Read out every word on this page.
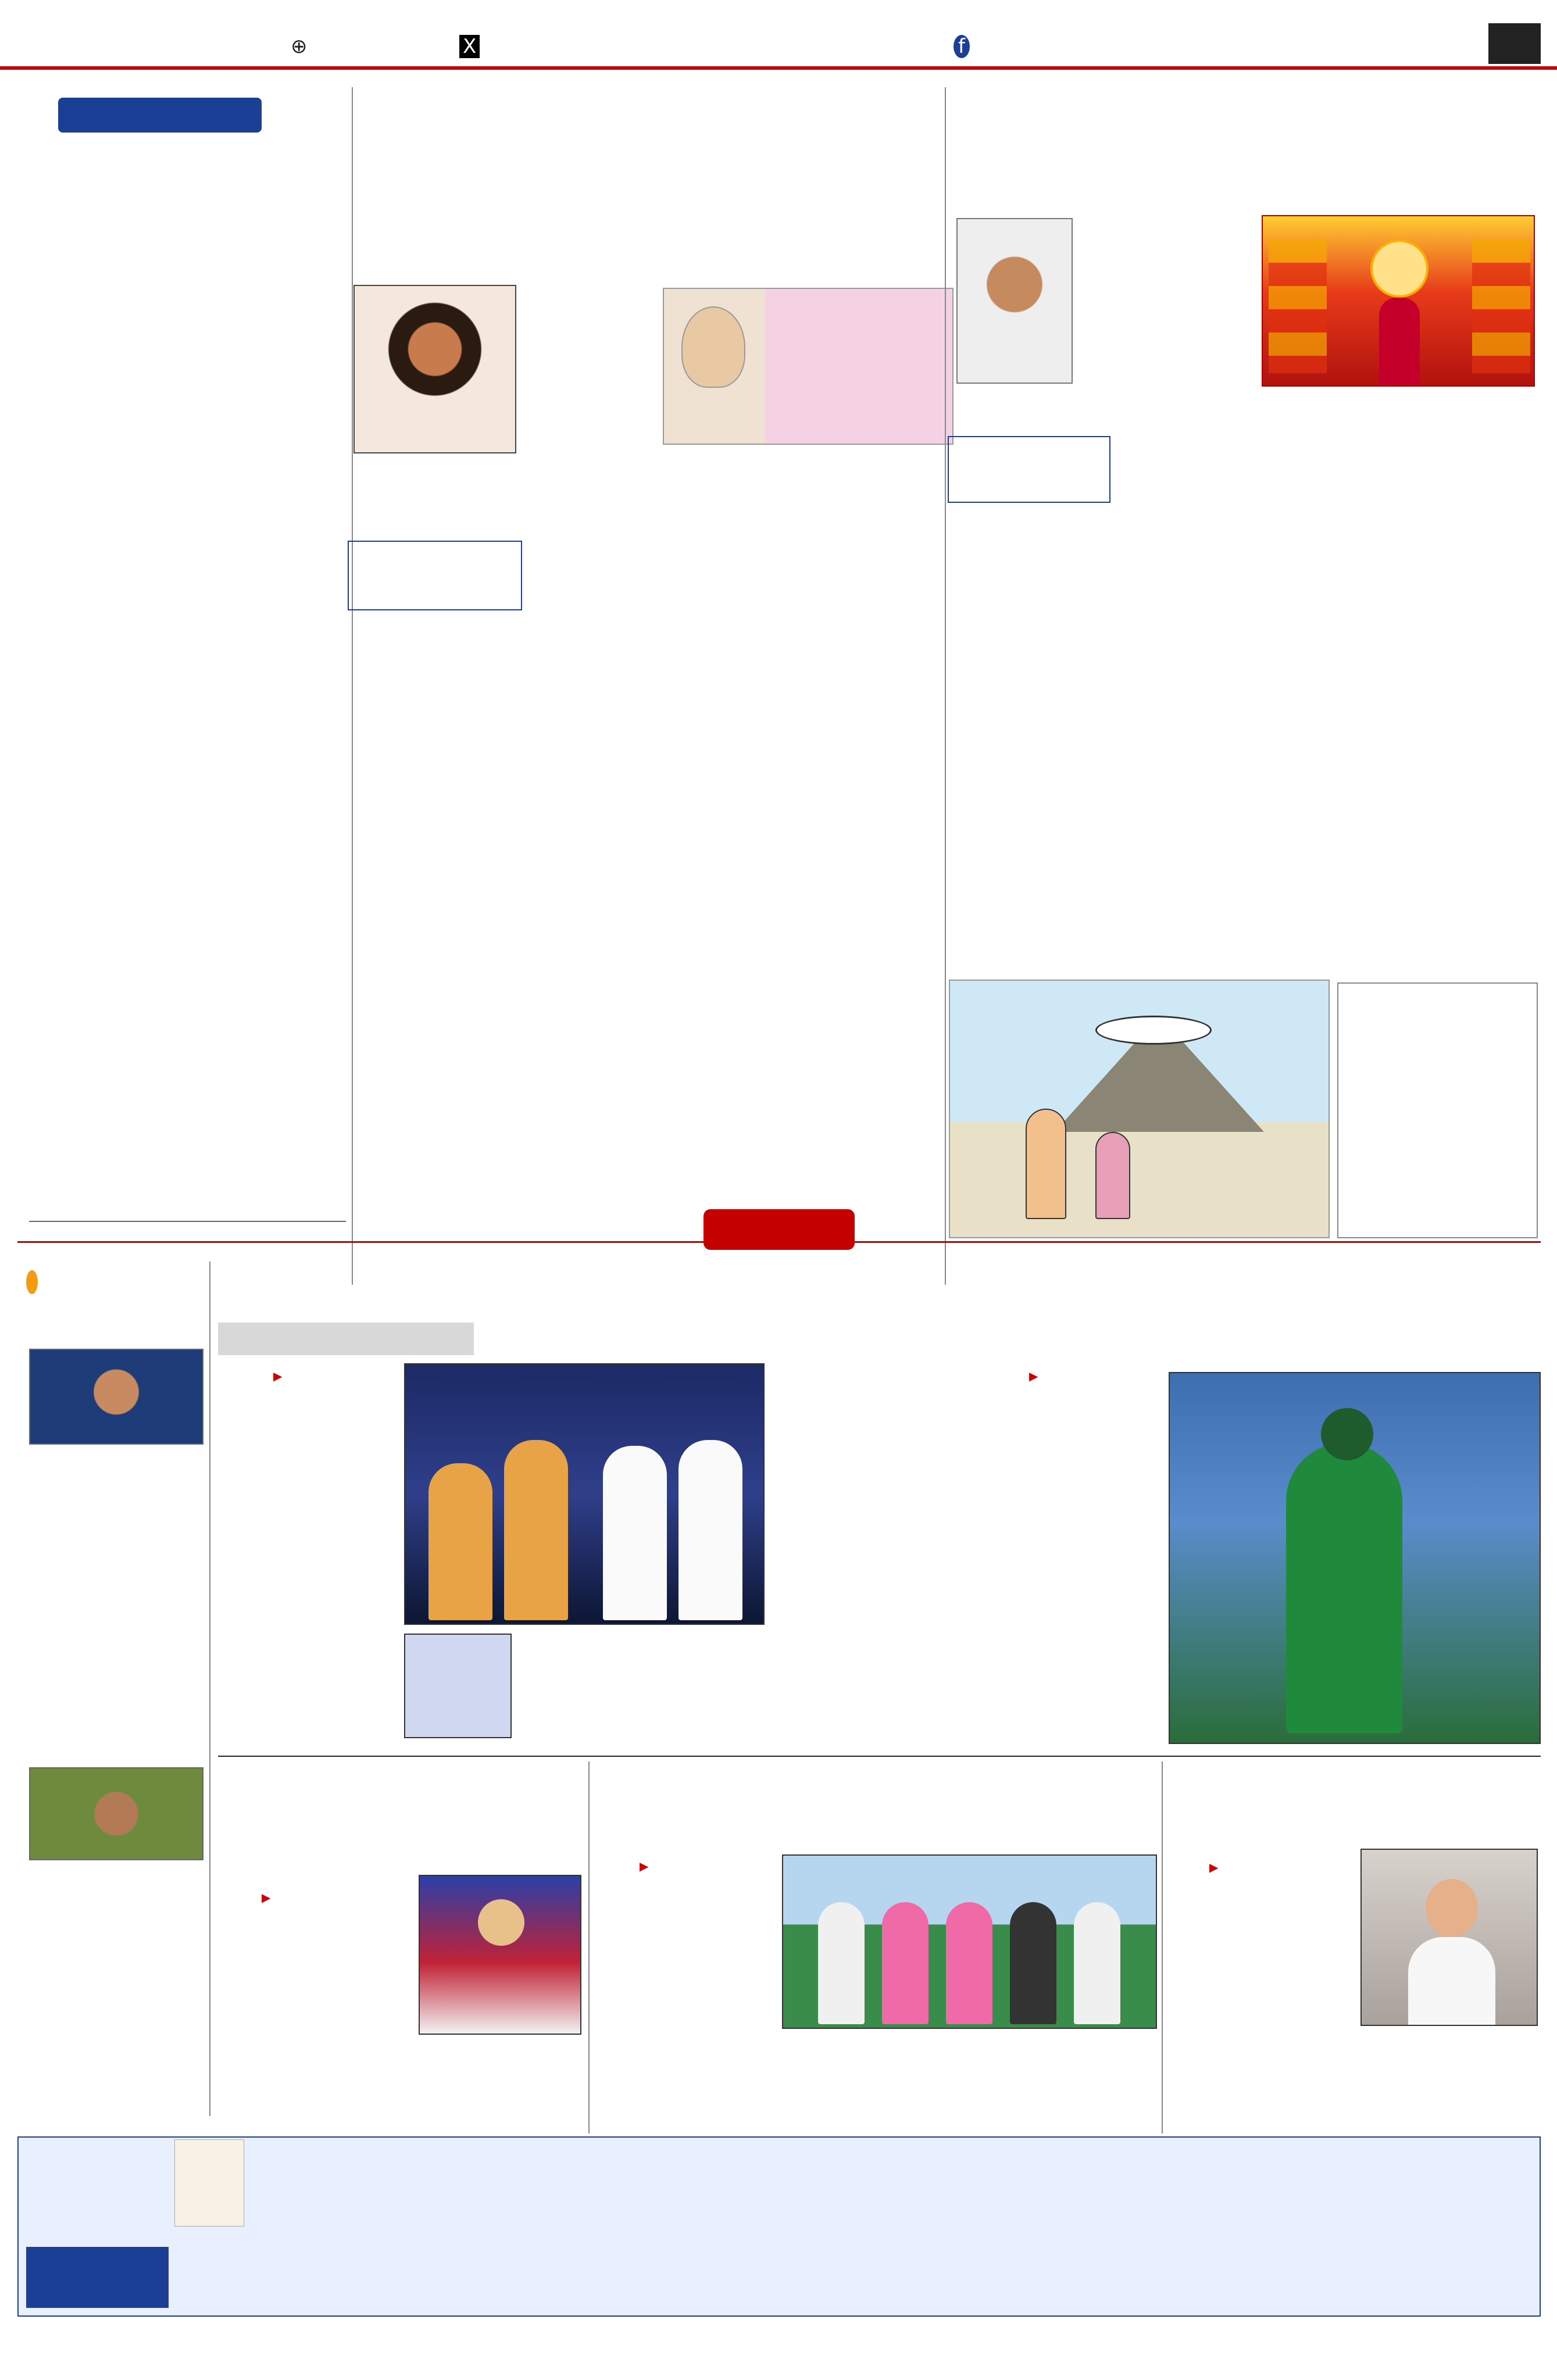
⊕	X	f

▶	▶
▶
▶	▶
